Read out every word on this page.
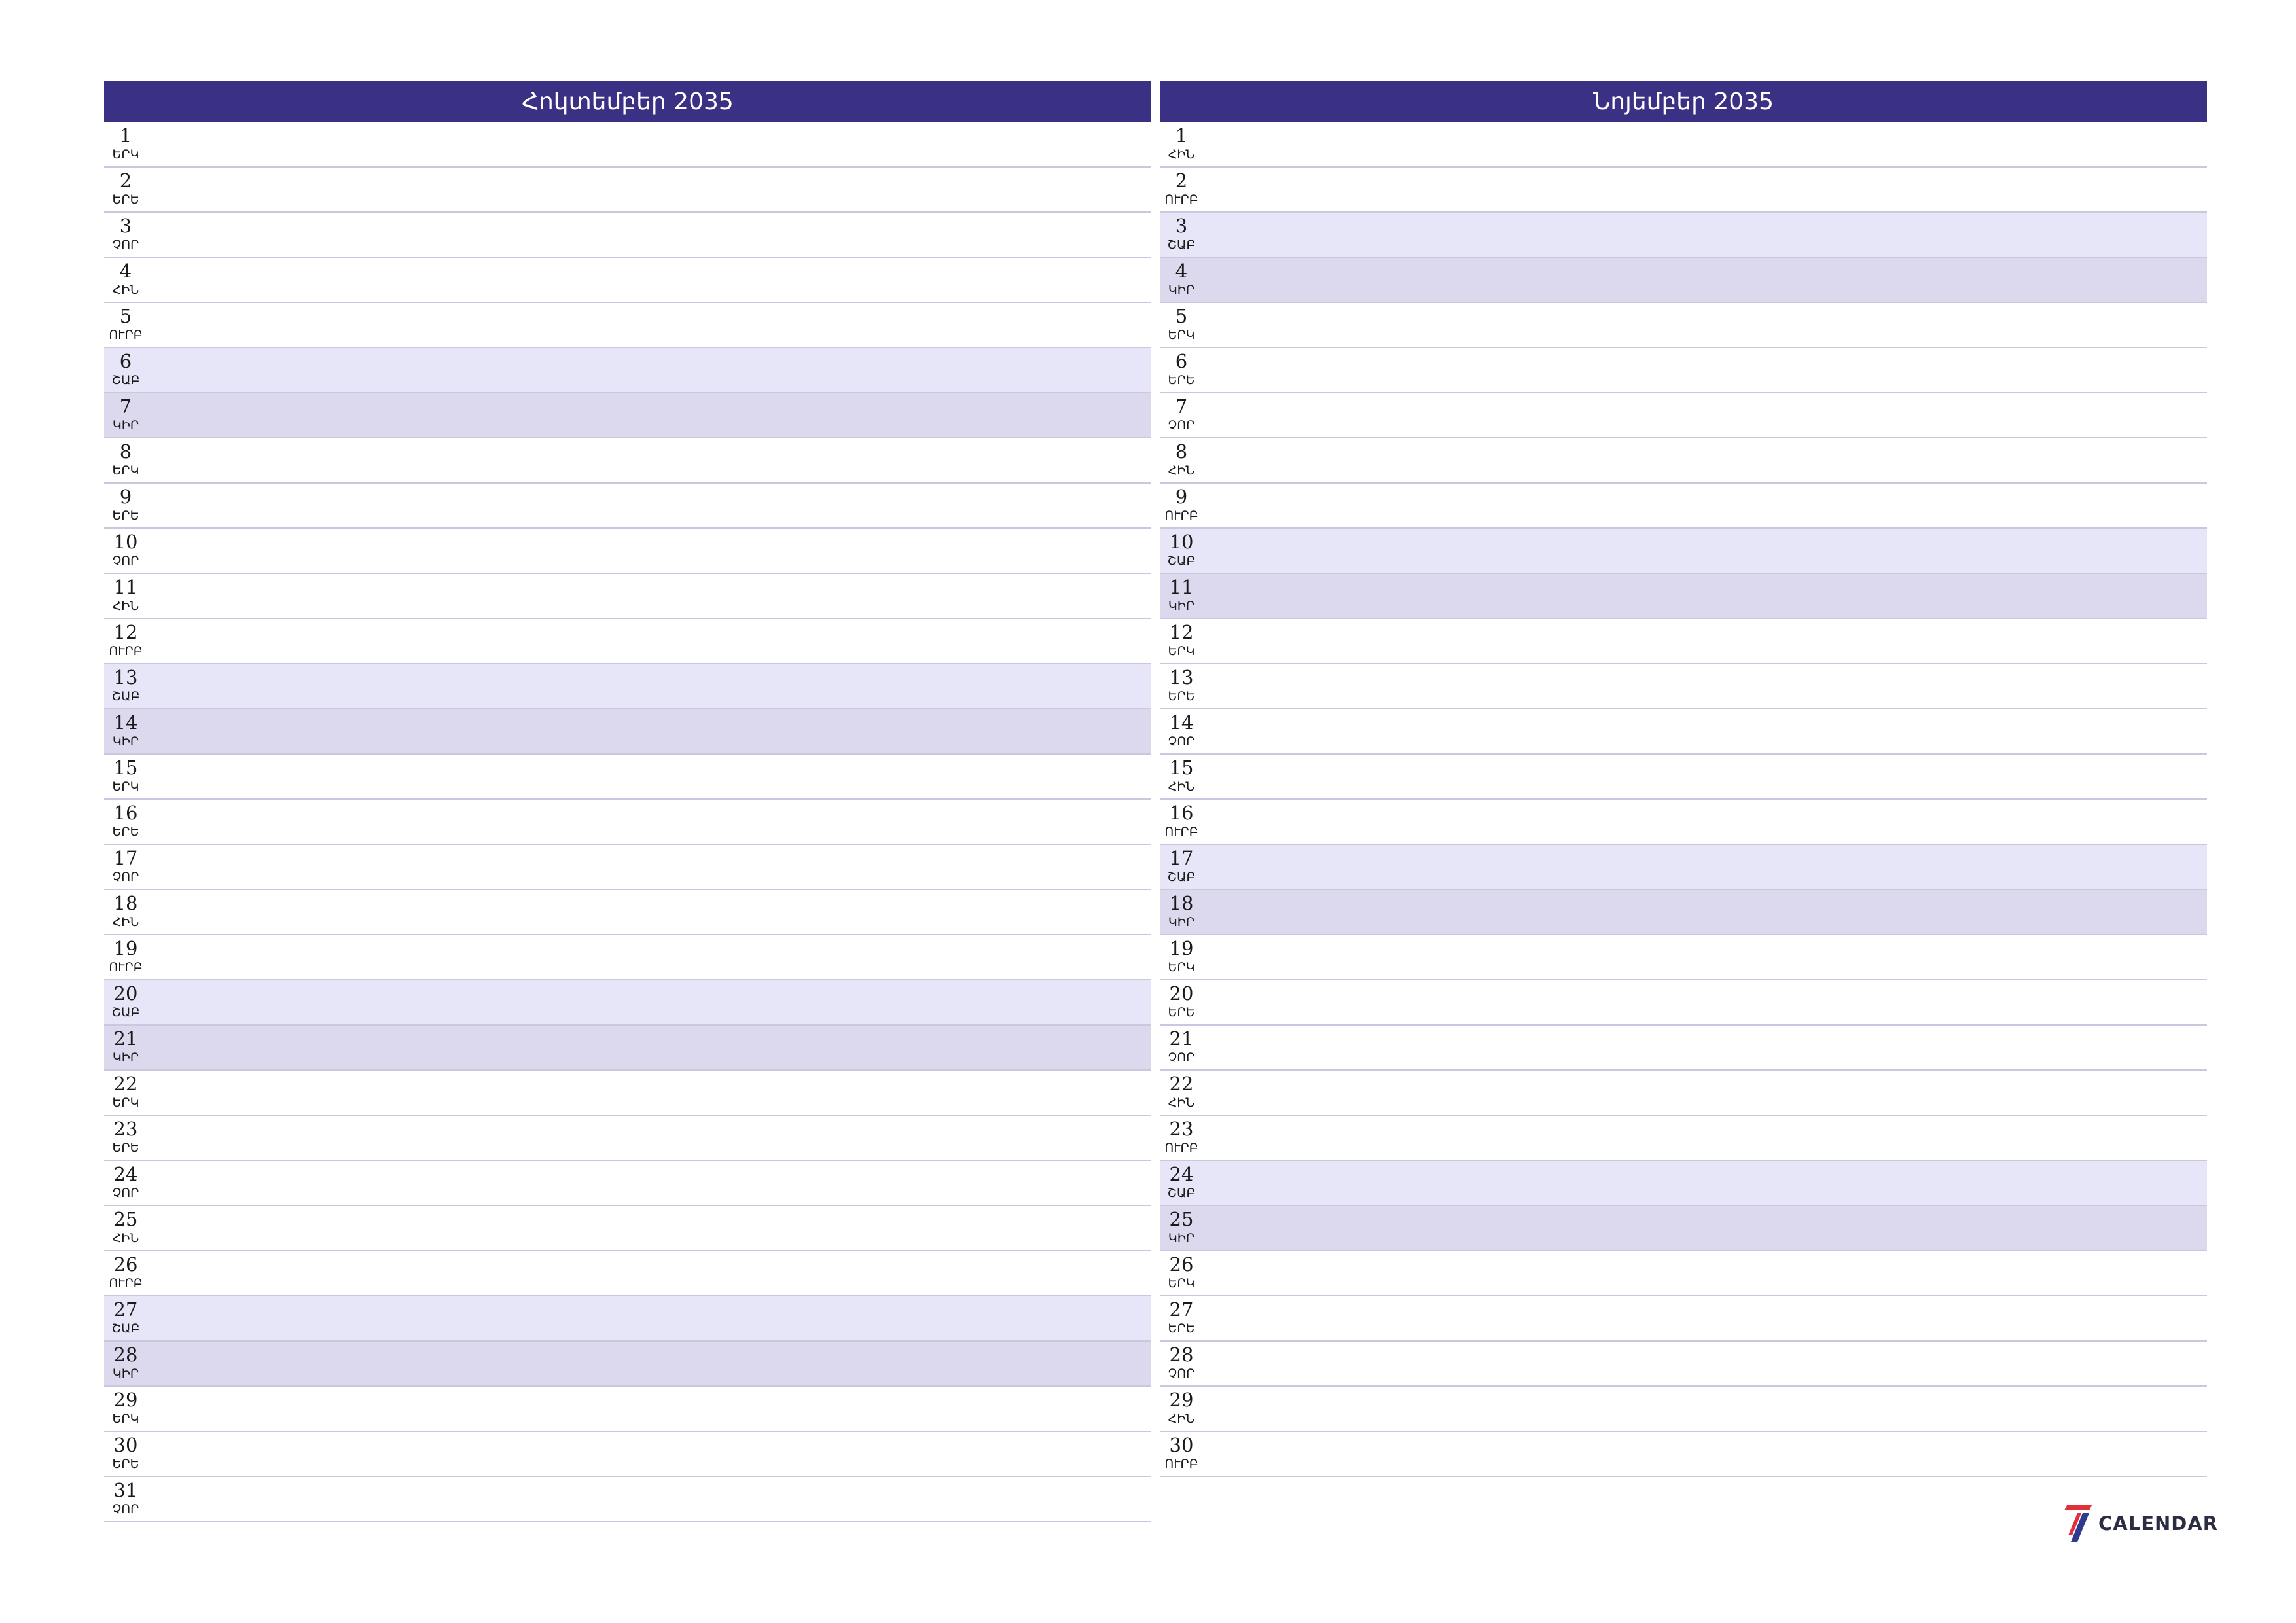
Հոկտեմբեր 2035
1
ԵՐԿ
2
ԵՐԵ
3
ՉՈՐ
4
ՀԻՆ
5
ՈՒՐԲ
6
ՇԱԲ
7
ԿԻՐ
8
ԵՐԿ
9
ԵՐԵ
10
ՉՈՐ
11
ՀԻՆ
12
ՈՒՐԲ
13
ՇԱԲ
14
ԿԻՐ
15
ԵՐԿ
16
ԵՐԵ
17
ՉՈՐ
18
ՀԻՆ
19
ՈՒՐԲ
20
ՇԱԲ
21
ԿԻՐ
22
ԵՐԿ
23
ԵՐԵ
24
ՉՈՐ
25
ՀԻՆ
26
ՈՒՐԲ
27
ՇԱԲ
28
ԿԻՐ
29
ԵՐԿ
30
ԵՐԵ
31
ՉՈՐ
Նոյեմբեր 2035
1
ՀԻՆ
2
ՈՒՐԲ
3
ՇԱԲ
4
ԿԻՐ
5
ԵՐԿ
6
ԵՐԵ
7
ՉՈՐ
8
ՀԻՆ
9
ՈՒՐԲ
10
ՇԱԲ
11
ԿԻՐ
12
ԵՐԿ
13
ԵՐԵ
14
ՉՈՐ
15
ՀԻՆ
16
ՈՒՐԲ
17
ՇԱԲ
18
ԿԻՐ
19
ԵՐԿ
20
ԵՐԵ
21
ՉՈՐ
22
ՀԻՆ
23
ՈՒՐԲ
24
ՇԱԲ
25
ԿԻՐ
26
ԵՐԿ
27
ԵՐԵ
28
ՉՈՐ
29
ՀԻՆ
30
ՈՒՐԲ
CALENDAR
